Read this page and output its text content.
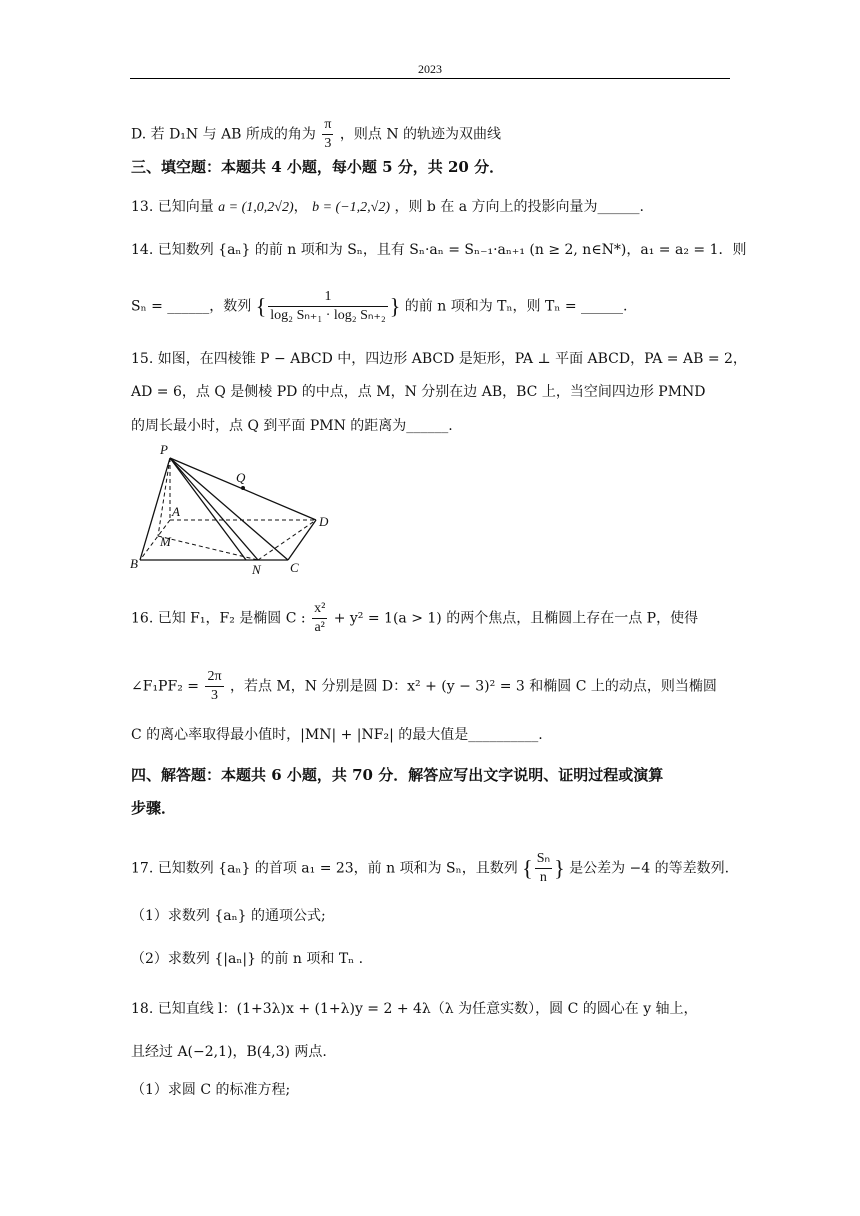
2023
D. 若 D₁N 与 AB 所成的角为 $\frac{\pi}{3}$ ，则点 N 的轨迹为双曲线
三、填空题：本题共 4 小题，每小题 5 分，共 20 分．
13. 已知向量 a = (1,0,2√2)， b = (−1,2,√2) ，则 b 在 a 方向上的投影向量为______.
14. 已知数列 {aₙ} 的前 n 项和为 Sₙ，且有 Sₙ·aₙ = Sₙ₋₁·aₙ₊₁ (n ≥ 2, n∈N*)，a₁ = a₂ = 1．则
Sₙ = ______，数列 { $\frac{1}{\text{log₂ Sₙ₊₁ · log₂ Sₙ₊₂}}$ } 的前 n 项和为 Tₙ，则 Tₙ = ______.
15. 如图，在四棱锥 P − ABCD 中，四边形 ABCD 是矩形，PA ⊥ 平面 ABCD，PA = AB = 2，
AD = 6，点 Q 是侧棱 PD 的中点，点 M，N 分别在边 AB，BC 上，当空间四边形 PMND
的周长最小时，点 Q 到平面 PMN 的距离为______.
P
Q
A
D
M
B	N C
16. 已知 F₁，F₂ 是椭圆 C : $\frac{\text{x²}}{\text{a²}} + y^2 = 1(a > 1)$ 的两个焦点，且椭圆上存在一点 P，使得
∠F₁PF₂ = $\frac{2\pi}{3}$ ，若点 M，N 分别是圆 D：x² + (y − 3)² = 3 和椭圆 C 上的动点，则当椭圆
C 的离心率取得最小值时，|MN| + |NF₂| 的最大值是__________.
四、解答题：本题共 6 小题，共 70 分．解答应写出文字说明、证明过程或演算
步骤．
17. 已知数列 {aₙ} 的首项 a₁ = 23，前 n 项和为 Sₙ，且数列 { $\frac{\text{Sₙ}}{n}$ } 是公差为 −4 的等差数列.
（1）求数列 {aₙ} 的通项公式;
（2）求数列 {|aₙ|} 的前 n 项和 Tₙ .
18. 已知直线 l：(1+3λ)x + (1+λ)y = 2 + 4λ（λ 为任意实数），圆 C 的圆心在 y 轴上，
且经过 A(−2,1)，B(4,3) 两点.
（1）求圆 C 的标准方程;
